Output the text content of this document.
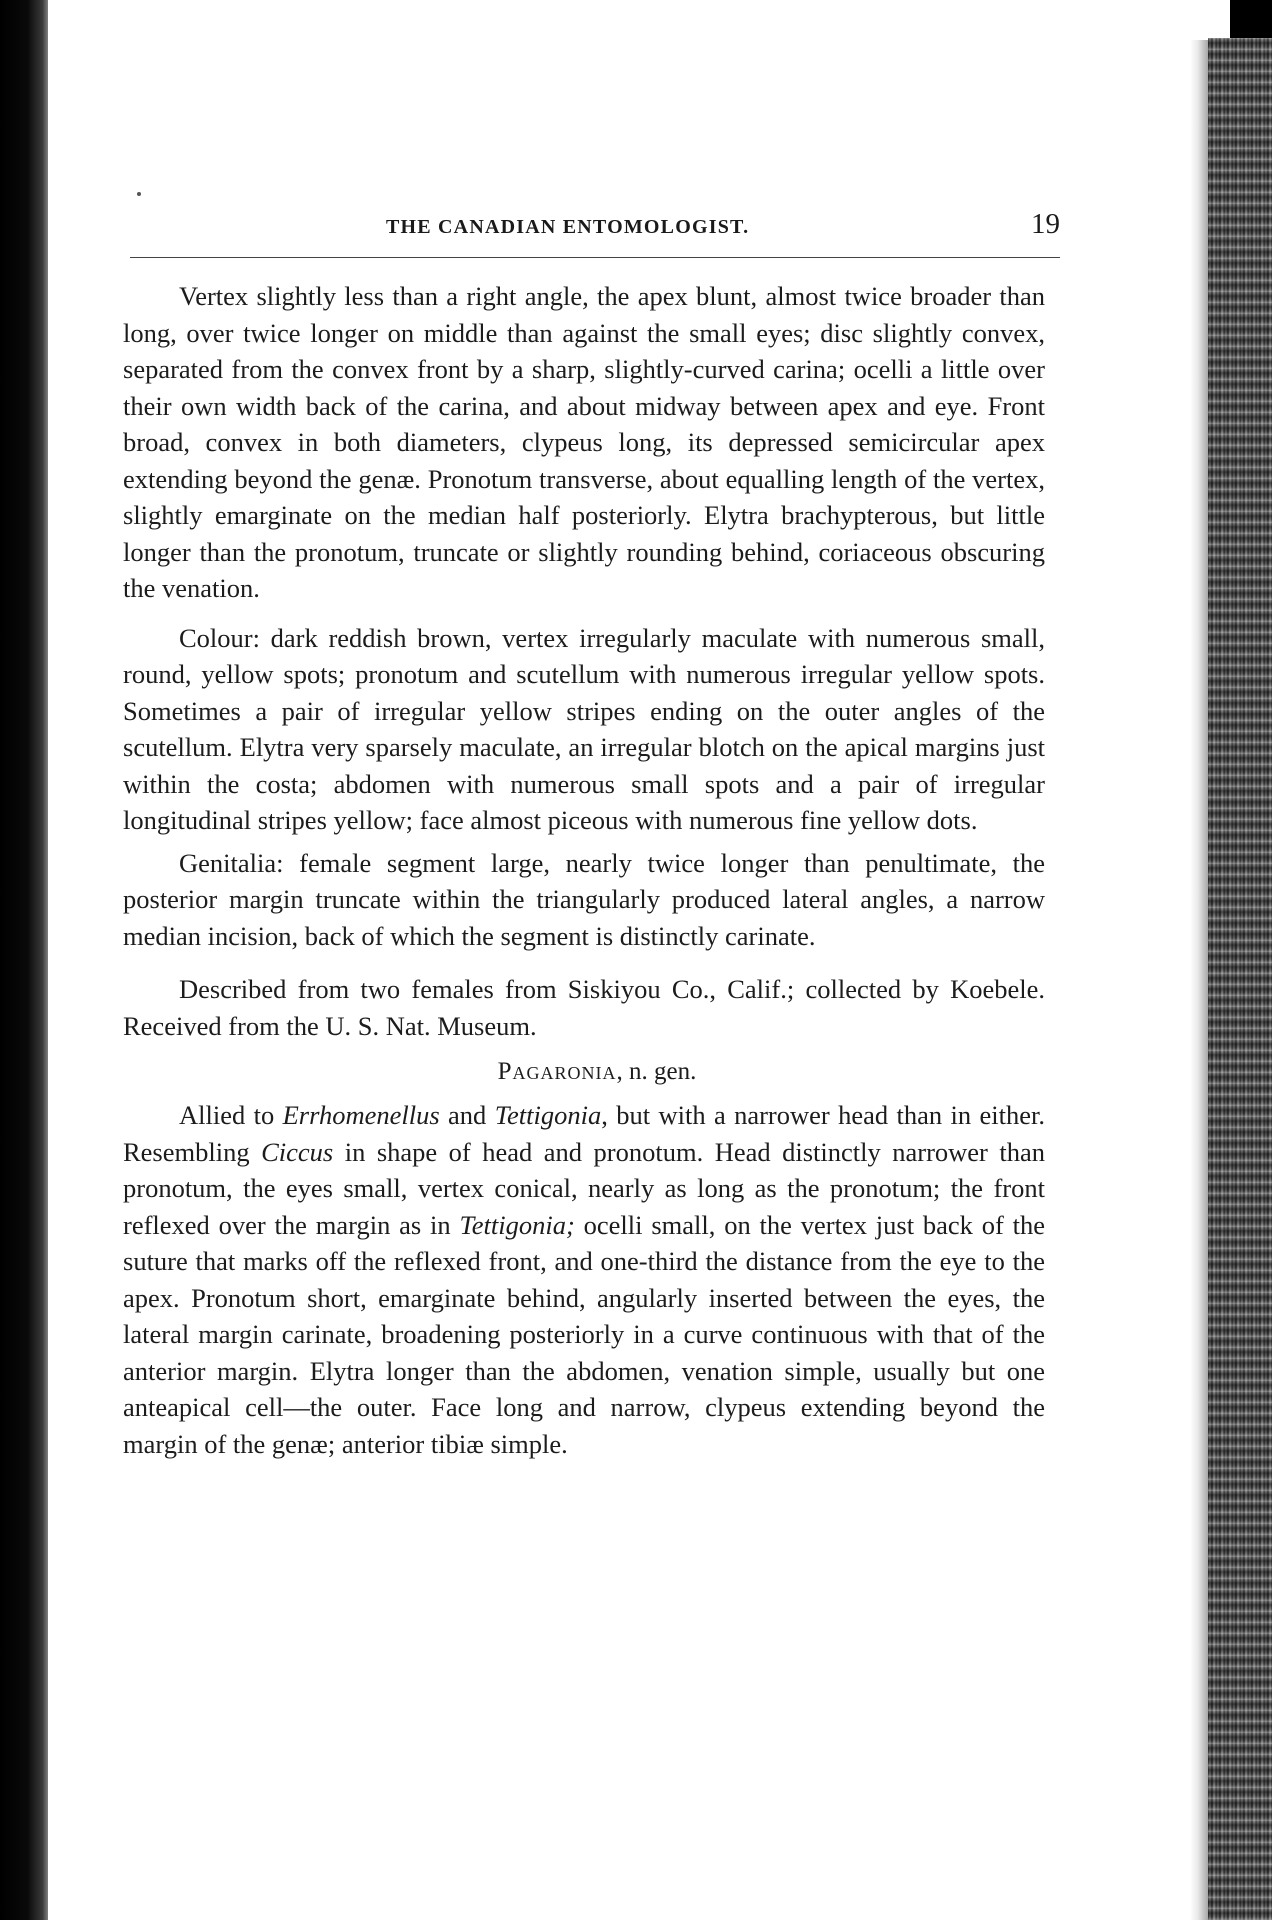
THE CANADIAN ENTOMOLOGIST.	19

Vertex slightly less than a right angle, the apex blunt, almost twice broader than long, over twice longer on middle than against the small eyes; disc slightly convex, separated from the convex front by a sharp, slightly-curved carina; ocelli a little over their own width back of the carina, and about midway between apex and eye. Front broad, convex in both diameters, clypeus long, its depressed semicircular apex extending beyond the genæ. Pronotum transverse, about equalling length of the vertex, slightly emarginate on the median half posteriorly. Elytra brachypterous, but little longer than the pronotum, truncate or slightly rounding behind, coriaceous obscuring the venation.

Colour: dark reddish brown, vertex irregularly maculate with numerous small, round, yellow spots; pronotum and scutellum with numerous irregular yellow spots. Sometimes a pair of irregular yellow stripes ending on the outer angles of the scutellum. Elytra very sparsely maculate, an irregular blotch on the apical margins just within the costa; abdomen with numerous small spots and a pair of irregular longitudinal stripes yellow; face almost piceous with numerous fine yellow dots.

Genitalia: female segment large, nearly twice longer than penultimate, the posterior margin truncate within the triangularly produced lateral angles, a narrow median incision, back of which the segment is distinctly carinate.

Described from two females from Siskiyou Co., Calif.; collected by Koebele. Received from the U. S. Nat. Museum.

Pagaronia, n. gen.

Allied to Errhomenellus and Tettigonia, but with a narrower head than in either. Resembling Ciccus in shape of head and pronotum. Head distinctly narrower than pronotum, the eyes small, vertex conical, nearly as long as the pronotum; the front reflexed over the margin as in Tettigonia; ocelli small, on the vertex just back of the suture that marks off the reflexed front, and one-third the distance from the eye to the apex. Pronotum short, emarginate behind, angularly inserted between the eyes, the lateral margin carinate, broadening posteriorly in a curve continuous with that of the anterior margin. Elytra longer than the abdomen, venation simple, usually but one anteapical cell—the outer. Face long and narrow, clypeus extending beyond the margin of the genæ; anterior tibiæ simple.
